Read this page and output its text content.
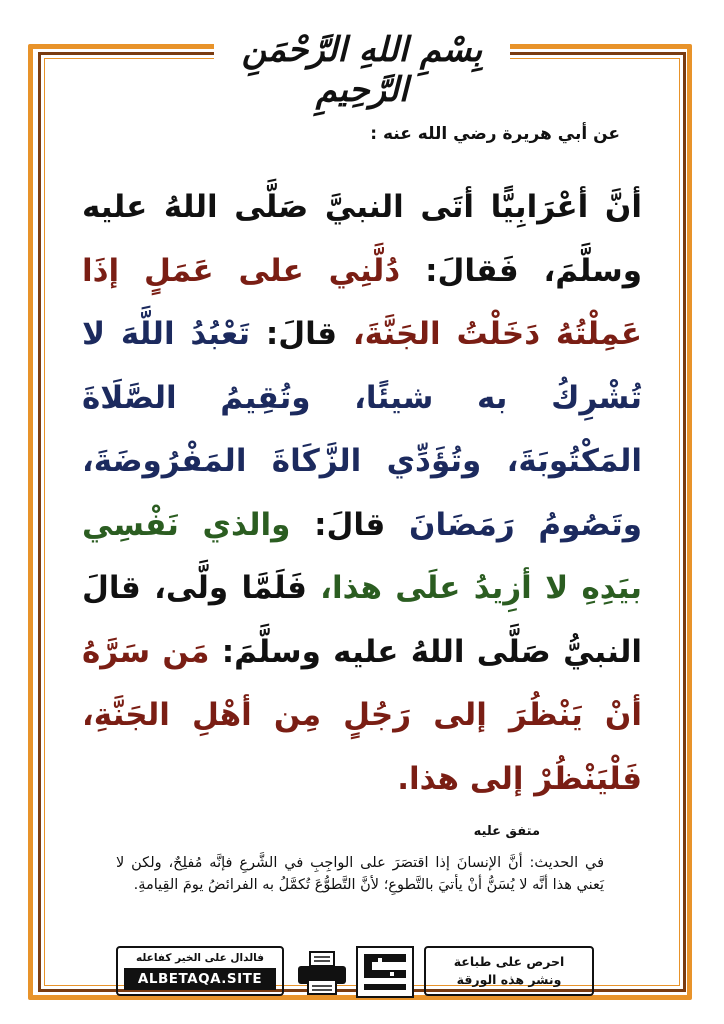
بِسْمِ اللهِ الرَّحْمَنِ الرَّحِيمِ
عن أبي هريرة رضي الله عنه :
أنَّ أعْرَابِيًّا أتَى النبيَّ صَلَّى اللهُ عليه وسلَّمَ، فَقالَ: دُلَّنِي على عَمَلٍ إذَا عَمِلْتُهُ دَخَلْتُ الجَنَّةَ، قالَ: تَعْبُدُ اللَّهَ لا تُشْرِكُ به شيئًا، وتُقِيمُ الصَّلَاةَ المَكْتُوبَةَ، وتُؤَدِّي الزَّكَاةَ المَفْرُوضَةَ، وتَصُومُ رَمَضَانَ قالَ: والذي نَفْسِي بيَدِهِ لا أزِيدُ علَى هذا، فَلَمَّا ولَّى، قالَ النبيُّ صَلَّى اللهُ عليه وسلَّمَ: مَن سَرَّهُ أنْ يَنْظُرَ إلى رَجُلٍ مِن أهْلِ الجَنَّةِ، فَلْيَنْظُرْ إلى هذا.
متفق عليه
في الحديث: أنَّ الإنسانَ إذا اقتصَرَ على الواجِبِ في الشَّرعِ فإنَّه مُفلِحٌ، ولكن لا يَعني هذا أنَّه لا يُسَنُّ أنْ يأتيَ بالتَّطوعِ؛ لأنَّ التَّطوُّعَ تُكمَّلُ به الفرائضُ يومَ القِيامةِ.
فالدال على الخير كفاعله
ALBETAQA.SITE
احرص على طباعة
ونشر هذه الورقة
